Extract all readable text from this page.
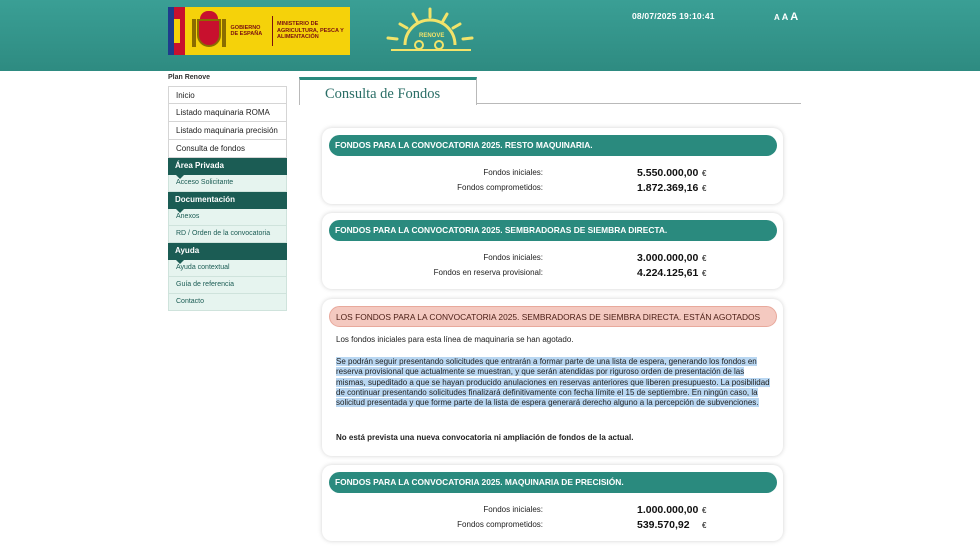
GOBIERNO DE ESPAÑA
MINISTERIO DE AGRICULTURA, PESCA Y ALIMENTACIÓN	RENOVE
08/07/2025 19:10:41	A A A
Plan Renove
Inicio
Listado maquinaria ROMA
Listado maquinaria precisión
Consulta de fondos
Área Privada
Acceso Solicitante
Documentación
Anexos
RD / Orden de la convocatoria
Ayuda
Ayuda contextual
Guía de referencia
Contacto
Consulta de Fondos
FONDOS PARA LA CONVOCATORIA 2025. RESTO MAQUINARIA.
Fondos iniciales:	5.550.000,00 €
Fondos comprometidos:	1.872.369,16 €
FONDOS PARA LA CONVOCATORIA 2025. SEMBRADORAS DE SIEMBRA DIRECTA.
Fondos iniciales:	3.000.000,00 €
Fondos en reserva provisional:	4.224.125,61 €
LOS FONDOS PARA LA CONVOCATORIA 2025. SEMBRADORAS DE SIEMBRA DIRECTA. ESTÁN AGOTADOS
Los fondos iniciales para esta línea de maquinaria se han agotado.
Se podrán seguir presentando solicitudes que entrarán a formar parte de una lista de espera, generando los fondos en reserva provisional que actualmente se muestran, y que serán atendidas por riguroso orden de presentación de las mismas, supeditado a que se hayan producido anulaciones en reservas anteriores que liberen presupuesto. La posibilidad de continuar presentando solicitudes finalizará definitivamente con fecha límite el 15 de septiembre. En ningún caso, la solicitud presentada y que forme parte de la lista de espera generará derecho alguno a la percepción de subvenciones.
No está prevista una nueva convocatoria ni ampliación de fondos de la actual.
FONDOS PARA LA CONVOCATORIA 2025. MAQUINARIA DE PRECISIÓN.
Fondos iniciales:	1.000.000,00 €
Fondos comprometidos:	539.570,92 €
